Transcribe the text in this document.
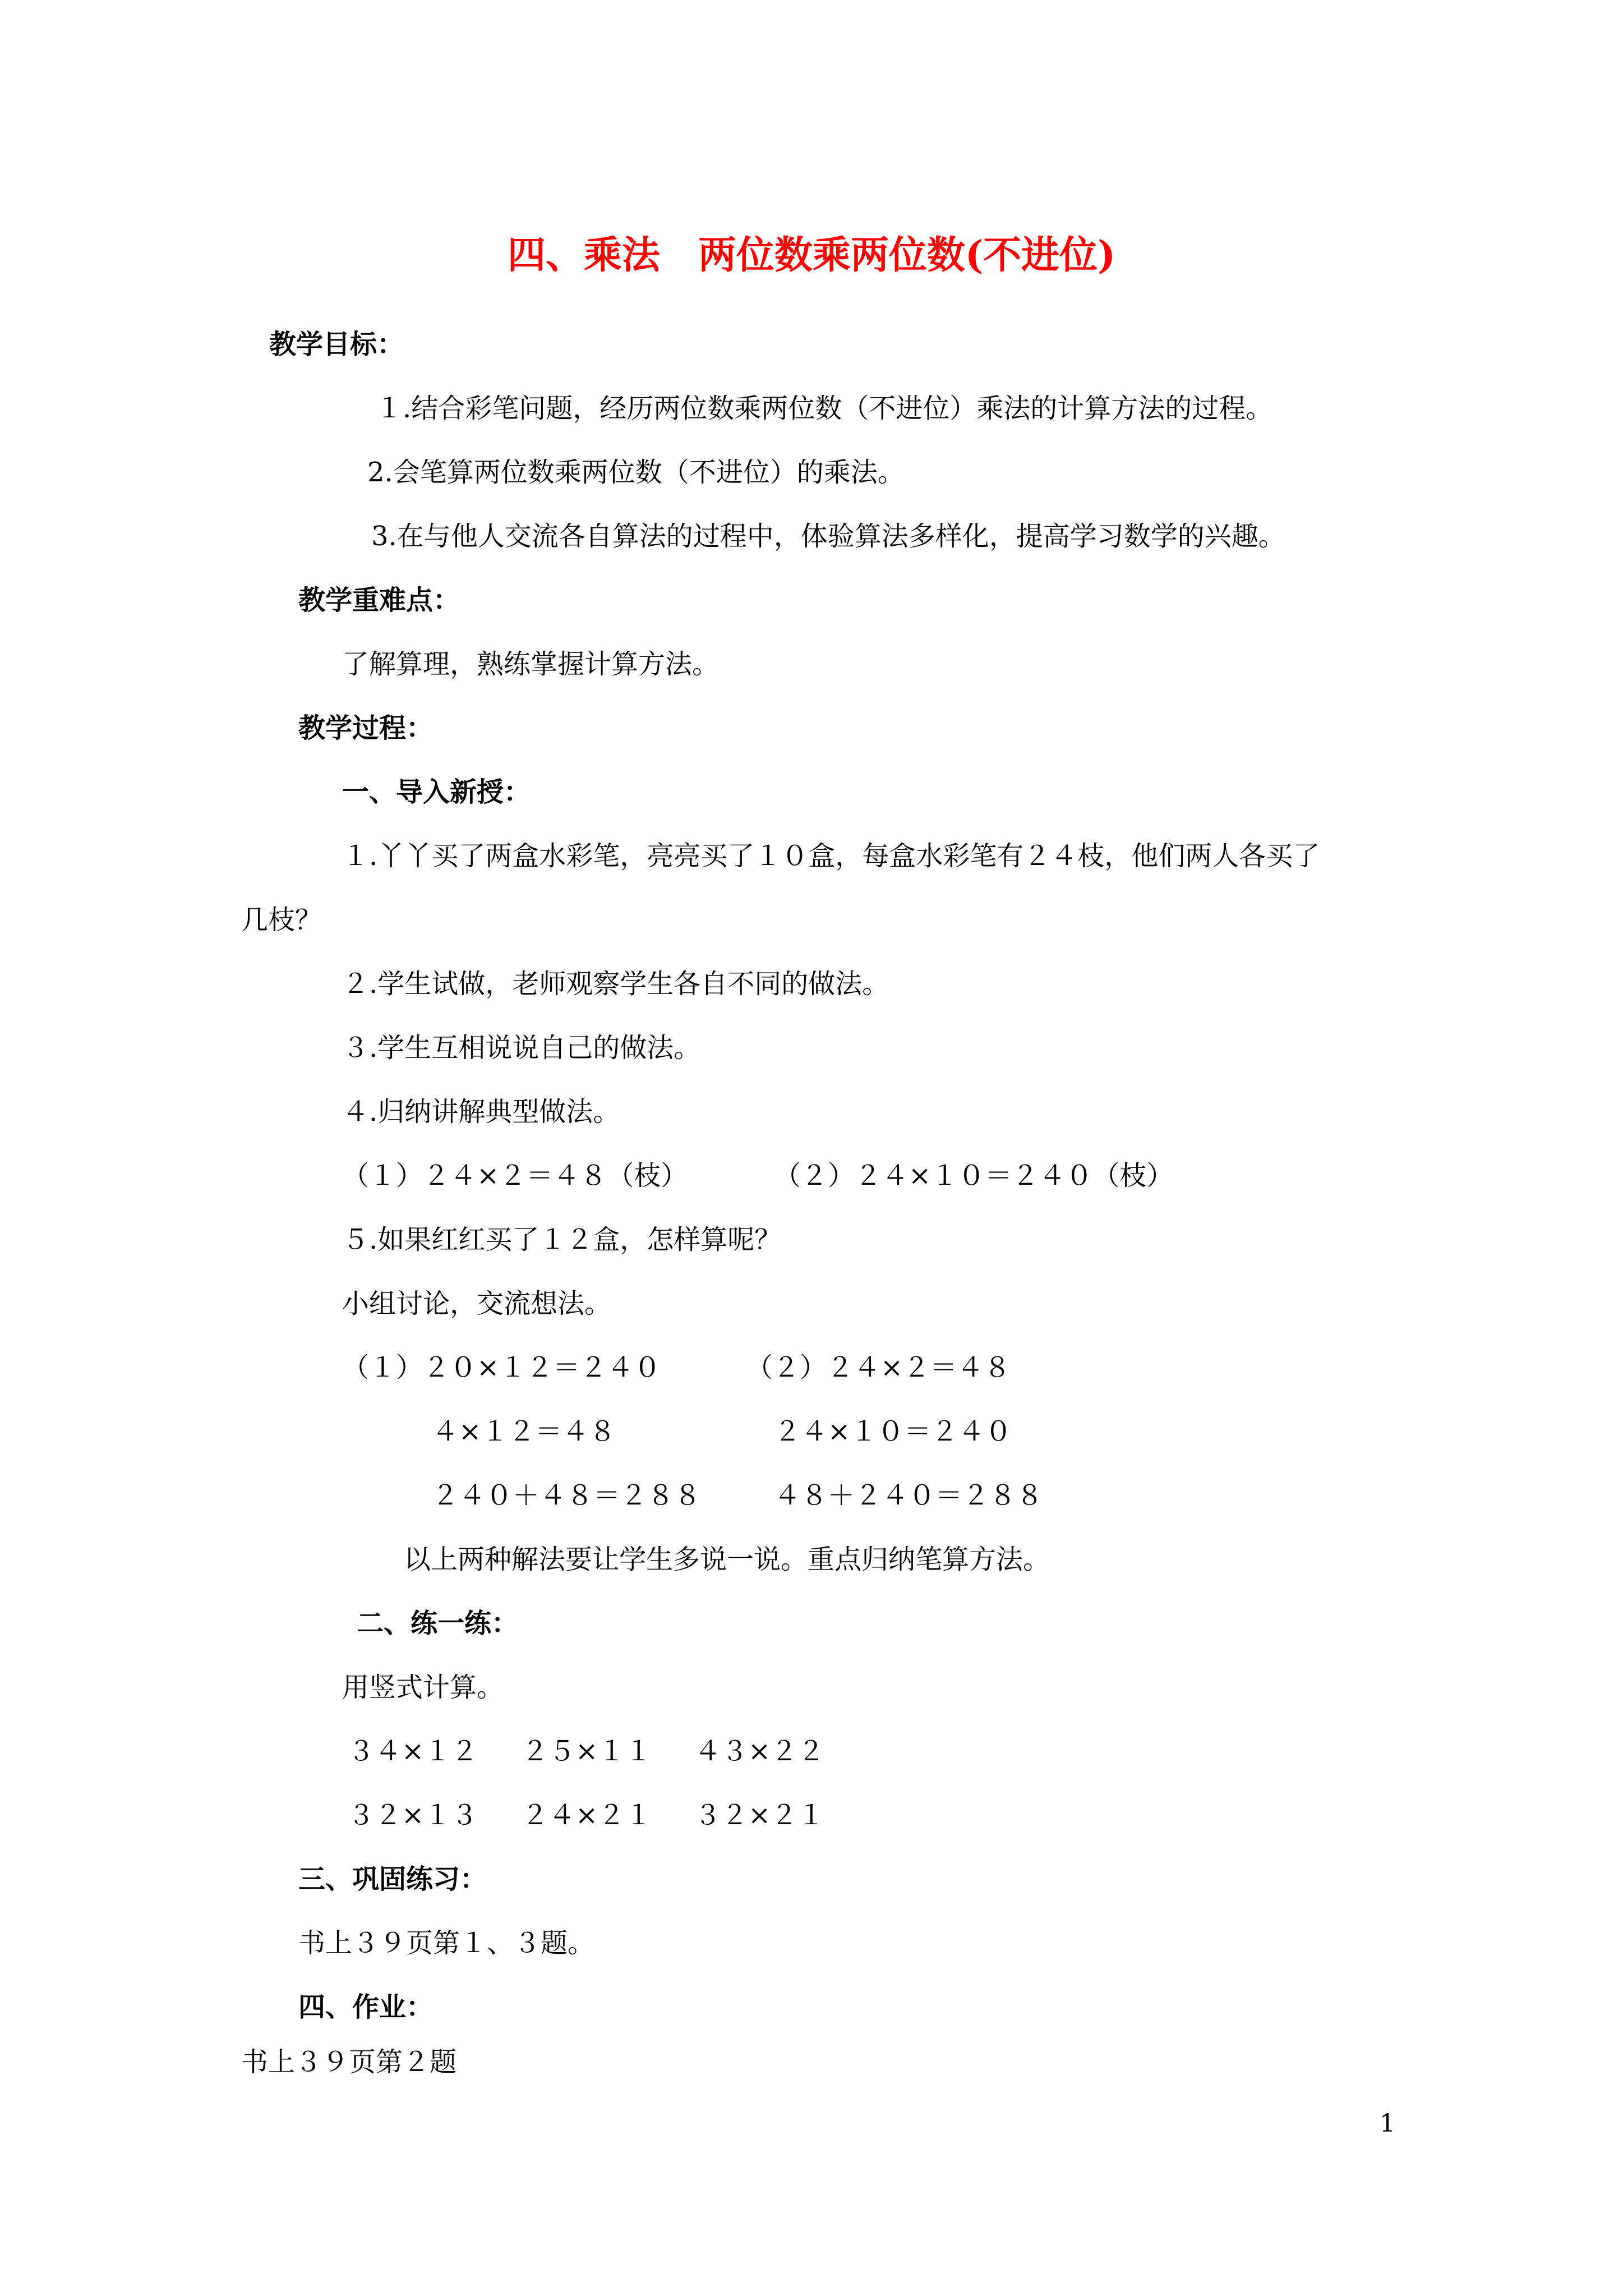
四、乘法　两位数乘两位数(不进位)
教学目标：
１.结合彩笔问题，经历两位数乘两位数（不进位）乘法的计算方法的过程。
2.会笔算两位数乘两位数（不进位）的乘法。
3.在与他人交流各自算法的过程中，体验算法多样化，提高学习数学的兴趣。
教学重难点：
了解算理，熟练掌握计算方法。
教学过程：
一、导入新授：
１.丫丫买了两盒水彩笔，亮亮买了１０盒，每盒水彩笔有２４枝，他们两人各买了
几枝？
２.学生试做，老师观察学生各自不同的做法。
３.学生互相说说自己的做法。
４.归纳讲解典型做法。
（１）２４×２＝４８（枝）	（２）２４×１０＝２４０（枝）
５.如果红红买了１２盒，怎样算呢？
小组讨论，交流想法。
（１）２０×１２＝２４０	（２）２４×２＝４８
４×１２＝４８	２４×１０＝２４０
２４０＋４８＝２８８	４８＋２４０＝２８８
以上两种解法要让学生多说一说。重点归纳笔算方法。
二、练一练：
用竖式计算。
３４×１２ ２５×１１ ４３×２２
３２×１３ ２４×２１ ３２×２１
三、巩固练习：
书上３９页第１、３题。
四、作业：
书上３９页第２题
1
